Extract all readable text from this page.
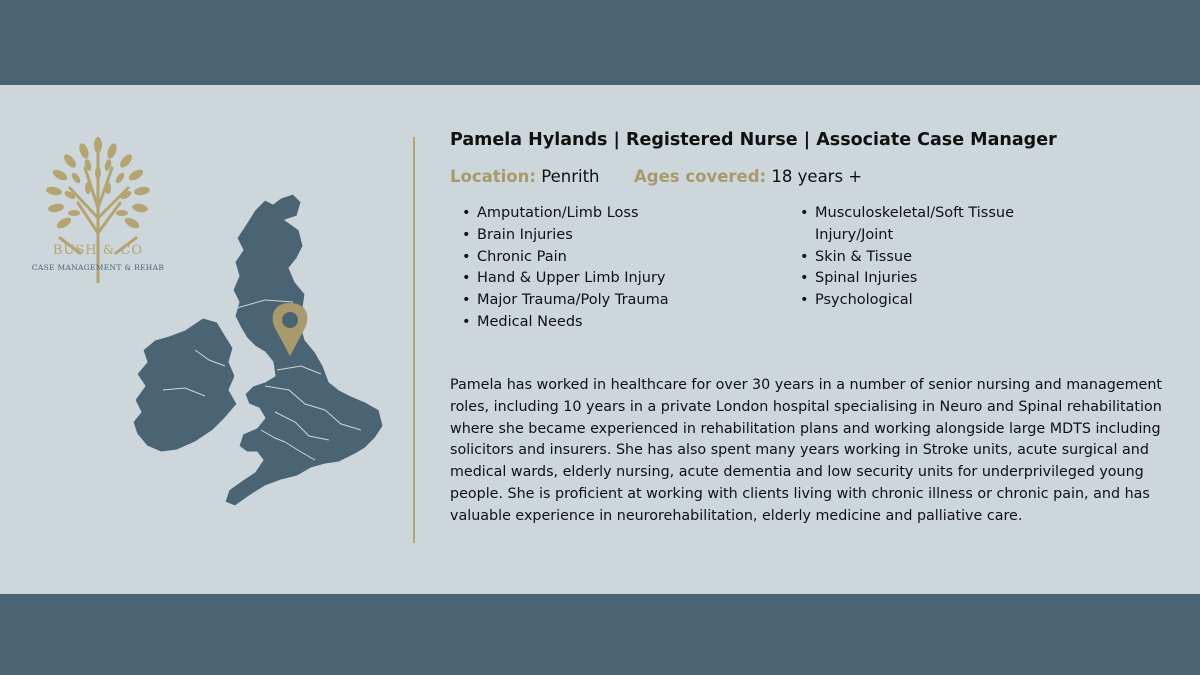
BUSH & CO
CASE MANAGEMENT & REHAB
Pamela Hylands | Registered Nurse | Associate Case Manager
Location: Penrith Ages covered: 18 years +
• Amputation/Limb Loss
• Brain Injuries
• Chronic Pain
• Hand & Upper Limb Injury
• Major Trauma/Poly Trauma
• Medical Needs
• Musculoskeletal/Soft Tissue Injury/Joint
• Skin & Tissue
• Spinal Injuries
• Psychological
Pamela has worked in healthcare for over 30 years in a number of senior nursing and management roles, including 10 years in a private London hospital specialising in Neuro and Spinal rehabilitation where she became experienced in rehabilitation plans and working alongside large MDTS including solicitors and insurers. She has also spent many years working in Stroke units, acute surgical and medical wards, elderly nursing, acute dementia and low security units for underprivileged young people. She is proficient at working with clients living with chronic illness or chronic pain, and has valuable experience in neurorehabilitation, elderly medicine and palliative care.
